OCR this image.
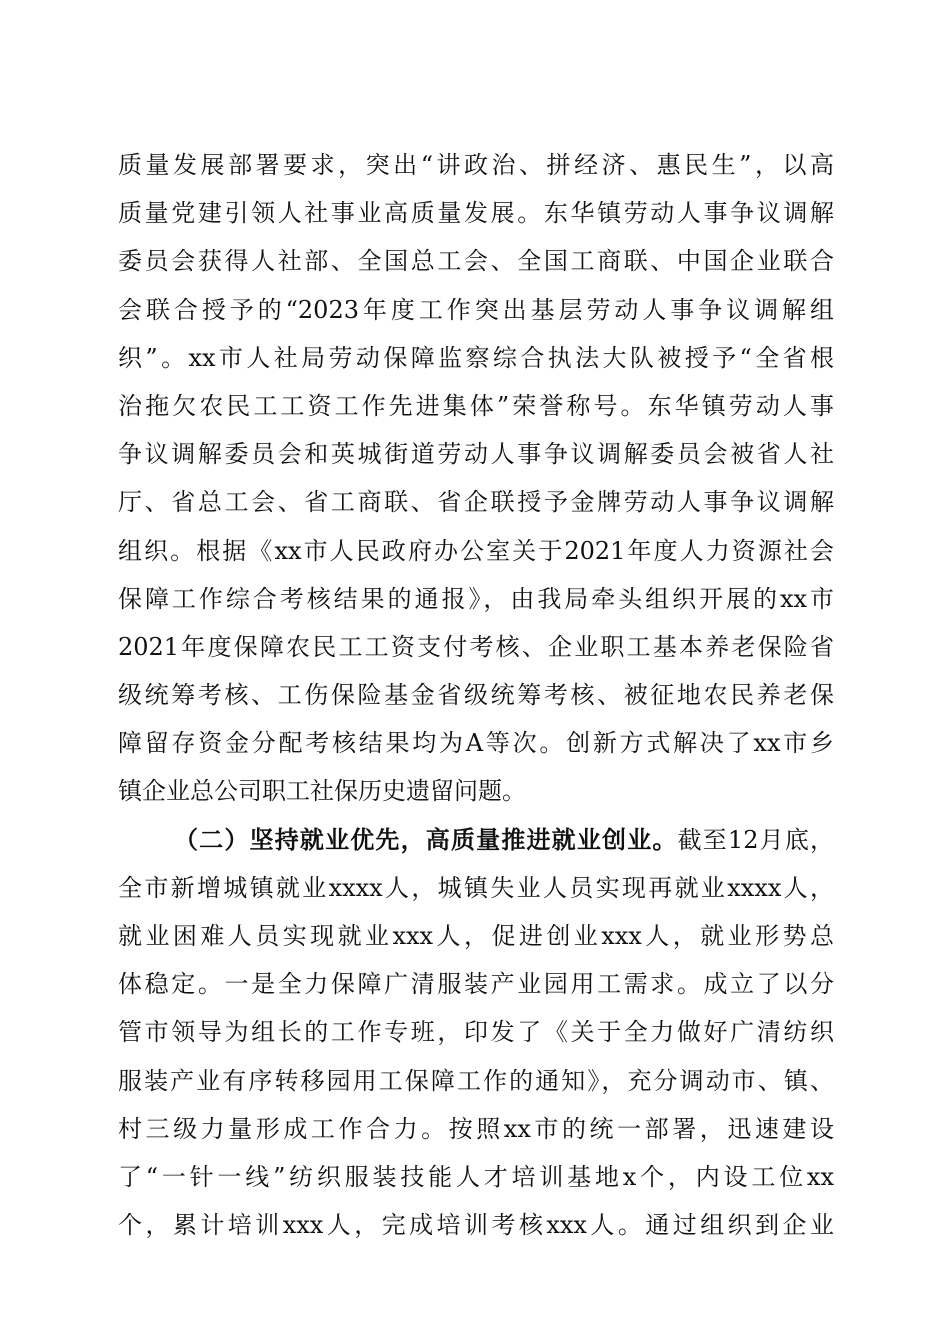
质量发展部署要求，突出“讲政治、拼经济、惠民生”，以高
质量党建引领人社事业高质量发展。东华镇劳动人事争议调解
委员会获得人社部、全国总工会、全国工商联、中国企业联合
会联合授予的“2023年度工作突出基层劳动人事争议调解组
织”。xx市人社局劳动保障监察综合执法大队被授予“全省根
治拖欠农民工工资工作先进集体”荣誉称号。东华镇劳动人事
争议调解委员会和英城街道劳动人事争议调解委员会被省人社
厅、省总工会、省工商联、省企联授予金牌劳动人事争议调解
组织。根据《xx市人民政府办公室关于2021年度人力资源社会
保障工作综合考核结果的通报》，由我局牵头组织开展的xx市
2021年度保障农民工工资支付考核、企业职工基本养老保险省
级统筹考核、工伤保险基金省级统筹考核、被征地农民养老保
障留存资金分配考核结果均为A等次。创新方式解决了xx市乡
镇企业总公司职工社保历史遗留问题。
（二）坚持就业优先，高质量推进就业创业。截至12月底，
全市新增城镇就业xxxx人，城镇失业人员实现再就业xxxx人，
就业困难人员实现就业xxx人，促进创业xxx人，就业形势总
体稳定。一是全力保障广清服装产业园用工需求。成立了以分
管市领导为组长的工作专班，印发了《关于全力做好广清纺织
服装产业有序转移园用工保障工作的通知》，充分调动市、镇、
村三级力量形成工作合力。按照xx市的统一部署，迅速建设
了“一针一线”纺织服装技能人才培训基地x个，内设工位xx
个，累计培训xxx人，完成培训考核xxx人。通过组织到企业
